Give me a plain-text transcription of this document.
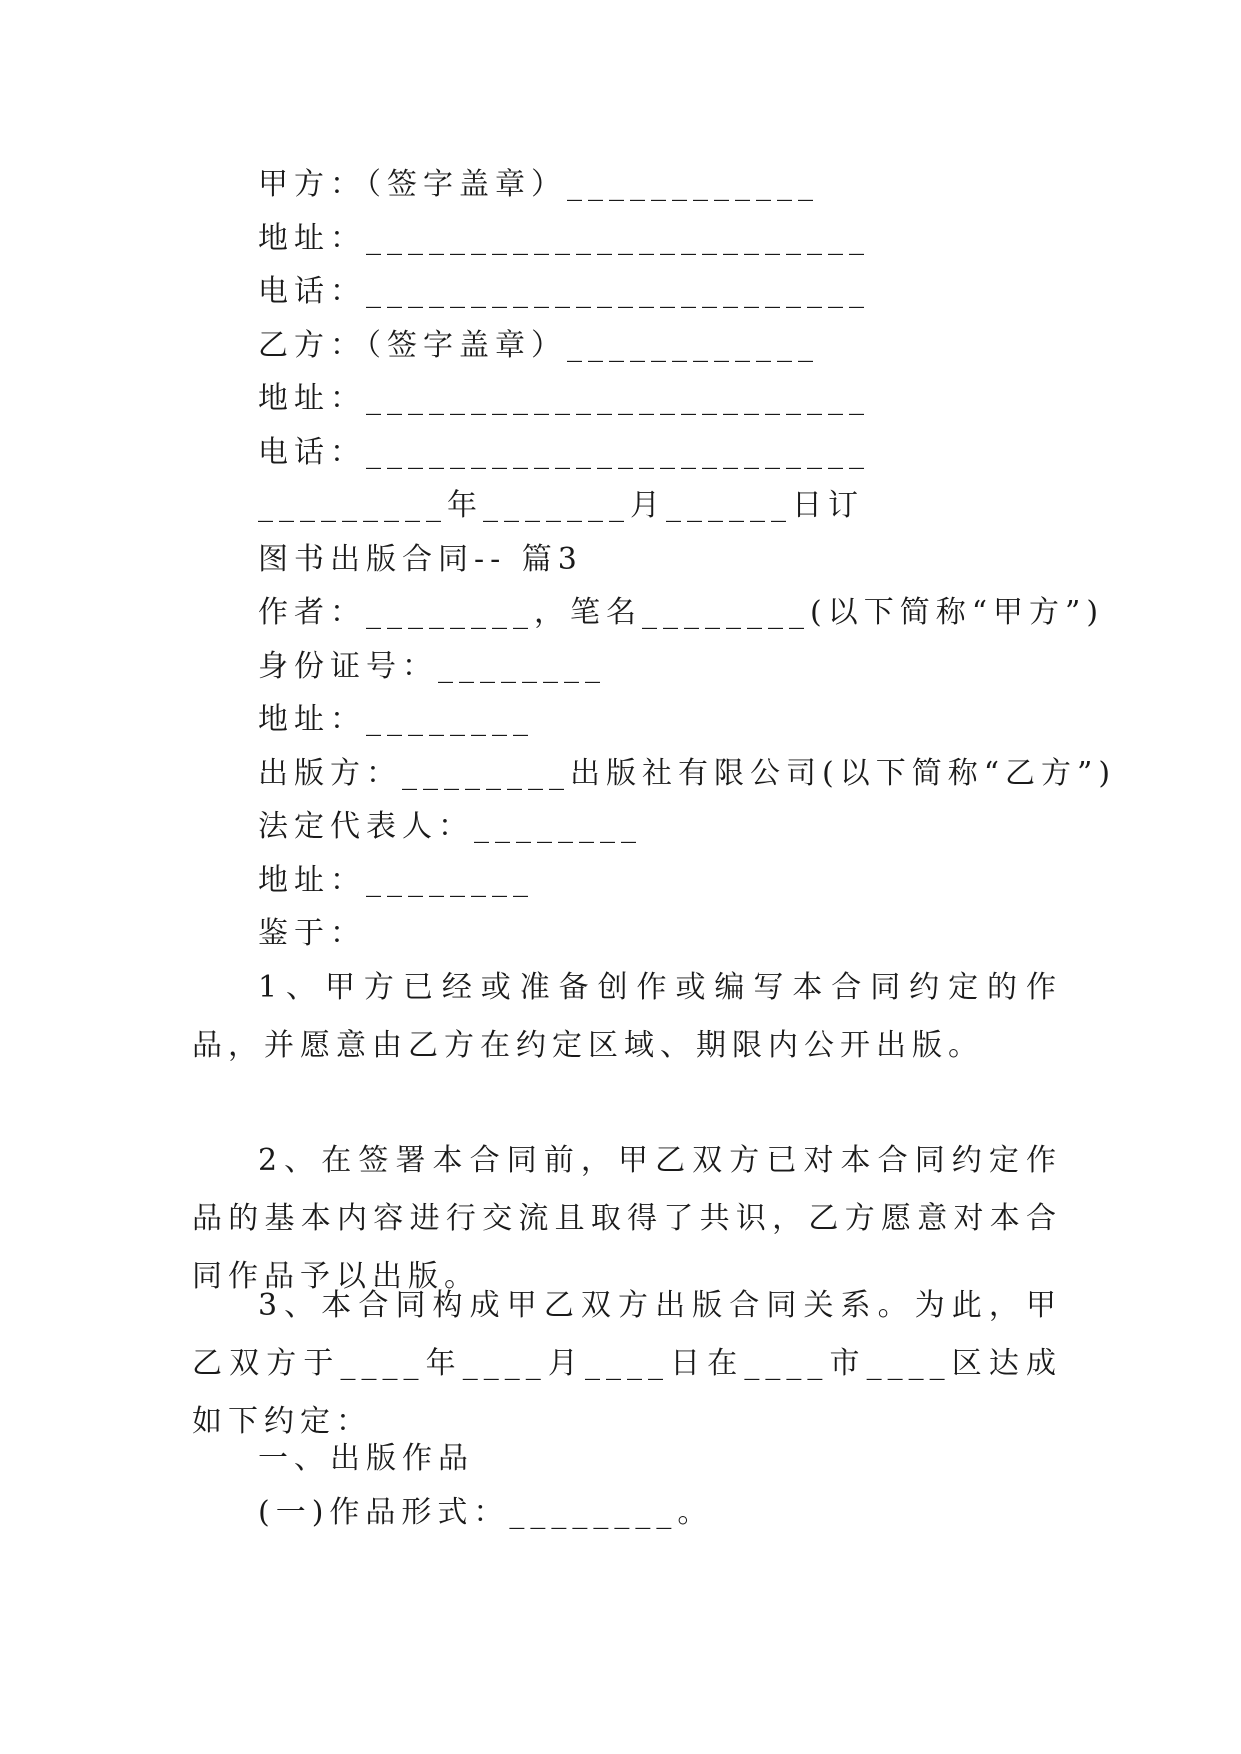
甲方：（签字盖章）____________
地址：________________________
电话：________________________
乙方：（签字盖章）____________
地址：________________________
电话：________________________
_________年_______月______日订
图书出版合同-- 篇3
作者：________，笔名________(以下简称“甲方”)
身份证号：________
地址：________
出版方：________出版社有限公司(以下简称“乙方”)
法定代表人：________
地址：________
鉴于：
1、甲方已经或准备创作或编写本合同约定的作品，并愿意由乙方在约定区域、期限内公开出版。
2、在签署本合同前，甲乙双方已对本合同约定作品的基本内容进行交流且取得了共识，乙方愿意对本合同作品予以出版。
3、本合同构成甲乙双方出版合同关系。为此，甲乙双方于____年____月____日在____市____区达成如下约定：
一、出版作品
(一)作品形式：________。
